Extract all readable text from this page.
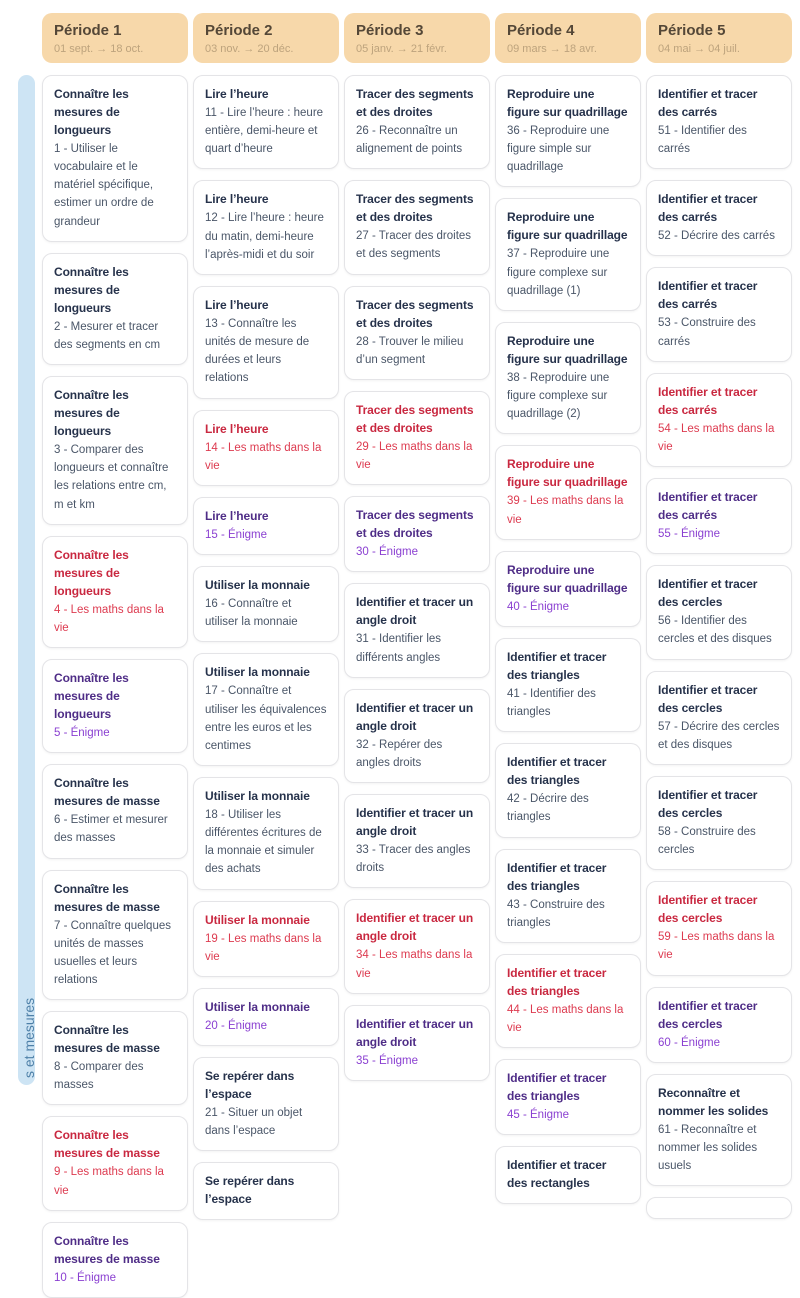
Période 1
01 sept. → 18 oct.
Période 2
03 nov. → 20 déc.
Période 3
05 janv. → 21 févr.
Période 4
09 mars → 18 avr.
Période 5
04 mai → 04 juil.
s et mesures
Connaître les mesures de longueurs
1 - Utiliser le vocabulaire et le matériel spécifique, estimer un ordre de grandeur
Connaître les mesures de longueurs
2 - Mesurer et tracer des segments en cm
Connaître les mesures de longueurs
3 - Comparer des longueurs et connaître les relations entre cm, m et km
Connaître les mesures de longueurs
4 - Les maths dans la vie
Connaître les mesures de longueurs
5 - Énigme
Connaître les mesures de masse
6 - Estimer et mesurer des masses
Connaître les mesures de masse
7 - Connaître quelques unités de masses usuelles et leurs relations
Connaître les mesures de masse
8 - Comparer des masses
Connaître les mesures de masse
9 - Les maths dans la vie
Connaître les mesures de masse
10 - Énigme
Lire l’heure
11 - Lire l’heure : heure entière, demi-heure et quart d’heure
Lire l’heure
12 - Lire l’heure : heure du matin, demi-heure l’après-midi et du soir
Lire l’heure
13 - Connaître les unités de mesure de durées et leurs relations
Lire l’heure
14 - Les maths dans la vie
Lire l’heure
15 - Énigme
Utiliser la monnaie
16 - Connaître et utiliser la monnaie
Utiliser la monnaie
17 - Connaître et utiliser les équivalences entre les euros et les centimes
Utiliser la monnaie
18 - Utiliser les différentes écritures de la monnaie et simuler des achats
Utiliser la monnaie
19 - Les maths dans la vie
Utiliser la monnaie
20 - Énigme
Se repérer dans l’espace
21 - Situer un objet dans l’espace
Se repérer dans l’espace
Tracer des segments et des droites
26 - Reconnaître un alignement de points
Tracer des segments et des droites
27 - Tracer des droites et des segments
Tracer des segments et des droites
28 - Trouver le milieu d’un segment
Tracer des segments et des droites
29 - Les maths dans la vie
Tracer des segments et des droites
30 - Énigme
Identifier et tracer un angle droit
31 - Identifier les différents angles
Identifier et tracer un angle droit
32 - Repérer des angles droits
Identifier et tracer un angle droit
33 - Tracer des angles droits
Identifier et tracer un angle droit
34 - Les maths dans la vie
Identifier et tracer un angle droit
35 - Énigme
Reproduire une figure sur quadrillage
36 - Reproduire une figure simple sur quadrillage
Reproduire une figure sur quadrillage
37 - Reproduire une figure complexe sur quadrillage (1)
Reproduire une figure sur quadrillage
38 - Reproduire une figure complexe sur quadrillage (2)
Reproduire une figure sur quadrillage
39 - Les maths dans la vie
Reproduire une figure sur quadrillage
40 - Énigme
Identifier et tracer des triangles
41 - Identifier des triangles
Identifier et tracer des triangles
42 - Décrire des triangles
Identifier et tracer des triangles
43 - Construire des triangles
Identifier et tracer des triangles
44 - Les maths dans la vie
Identifier et tracer des triangles
45 - Énigme
Identifier et tracer des rectangles
Identifier et tracer des carrés
51 - Identifier des carrés
Identifier et tracer des carrés
52 - Décrire des carrés
Identifier et tracer des carrés
53 - Construire des carrés
Identifier et tracer des carrés
54 - Les maths dans la vie
Identifier et tracer des carrés
55 - Énigme
Identifier et tracer des cercles
56 - Identifier des cercles et des disques
Identifier et tracer des cercles
57 - Décrire des cercles et des disques
Identifier et tracer des cercles
58 - Construire des cercles
Identifier et tracer des cercles
59 - Les maths dans la vie
Identifier et tracer des cercles
60 - Énigme
Reconnaître et nommer les solides
61 - Reconnaître et nommer les solides usuels
